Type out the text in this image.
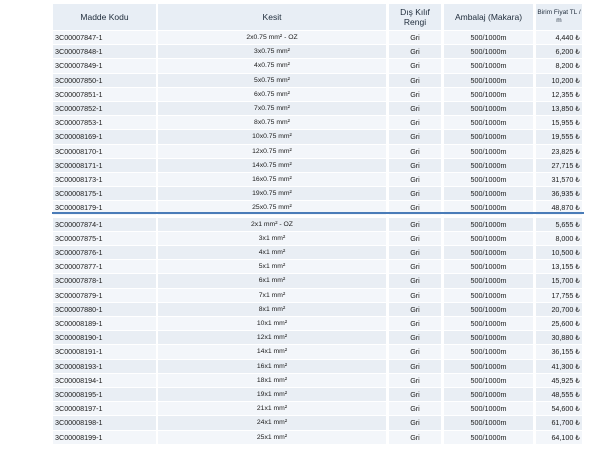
Madde Kodu	Kesit	Dış Kılıf Rengi	Ambalaj (Makara)	Birim Fiyat TL / m
3C00007847-1	2x0.75 mm² - OZ	Gri	500/1000m	4,440 ₺
3C00007848-1	3x0.75 mm²	Gri	500/1000m	6,200 ₺
3C00007849-1	4x0.75 mm²	Gri	500/1000m	8,200 ₺
3C00007850-1	5x0.75 mm²	Gri	500/1000m	10,200 ₺
3C00007851-1	6x0.75 mm²	Gri	500/1000m	12,355 ₺
3C00007852-1	7x0.75 mm²	Gri	500/1000m	13,850 ₺
3C00007853-1	8x0.75 mm²	Gri	500/1000m	15,955 ₺
3C00008169-1	10x0.75 mm²	Gri	500/1000m	19,555 ₺
3C00008170-1	12x0.75 mm²	Gri	500/1000m	23,825 ₺
3C00008171-1	14x0.75 mm²	Gri	500/1000m	27,715 ₺
3C00008173-1	16x0.75 mm²	Gri	500/1000m	31,570 ₺
3C00008175-1	19x0.75 mm²	Gri	500/1000m	36,935 ₺
3C00008179-1	25x0.75 mm²	Gri	500/1000m	48,870 ₺
3C00007874-1	2x1 mm² - OZ	Gri	500/1000m	5,655 ₺
3C00007875-1	3x1 mm²	Gri	500/1000m	8,000 ₺
3C00007876-1	4x1 mm²	Gri	500/1000m	10,500 ₺
3C00007877-1	5x1 mm²	Gri	500/1000m	13,155 ₺
3C00007878-1	6x1 mm²	Gri	500/1000m	15,700 ₺
3C00007879-1	7x1 mm²	Gri	500/1000m	17,755 ₺
3C00007880-1	8x1 mm²	Gri	500/1000m	20,700 ₺
3C00008189-1	10x1 mm²	Gri	500/1000m	25,600 ₺
3C00008190-1	12x1 mm²	Gri	500/1000m	30,880 ₺
3C00008191-1	14x1 mm²	Gri	500/1000m	36,155 ₺
3C00008193-1	16x1 mm²	Gri	500/1000m	41,300 ₺
3C00008194-1	18x1 mm²	Gri	500/1000m	45,925 ₺
3C00008195-1	19x1 mm²	Gri	500/1000m	48,555 ₺
3C00008197-1	21x1 mm²	Gri	500/1000m	54,600 ₺
3C00008198-1	24x1 mm²	Gri	500/1000m	61,700 ₺
3C00008199-1	25x1 mm²	Gri	500/1000m	64,100 ₺
